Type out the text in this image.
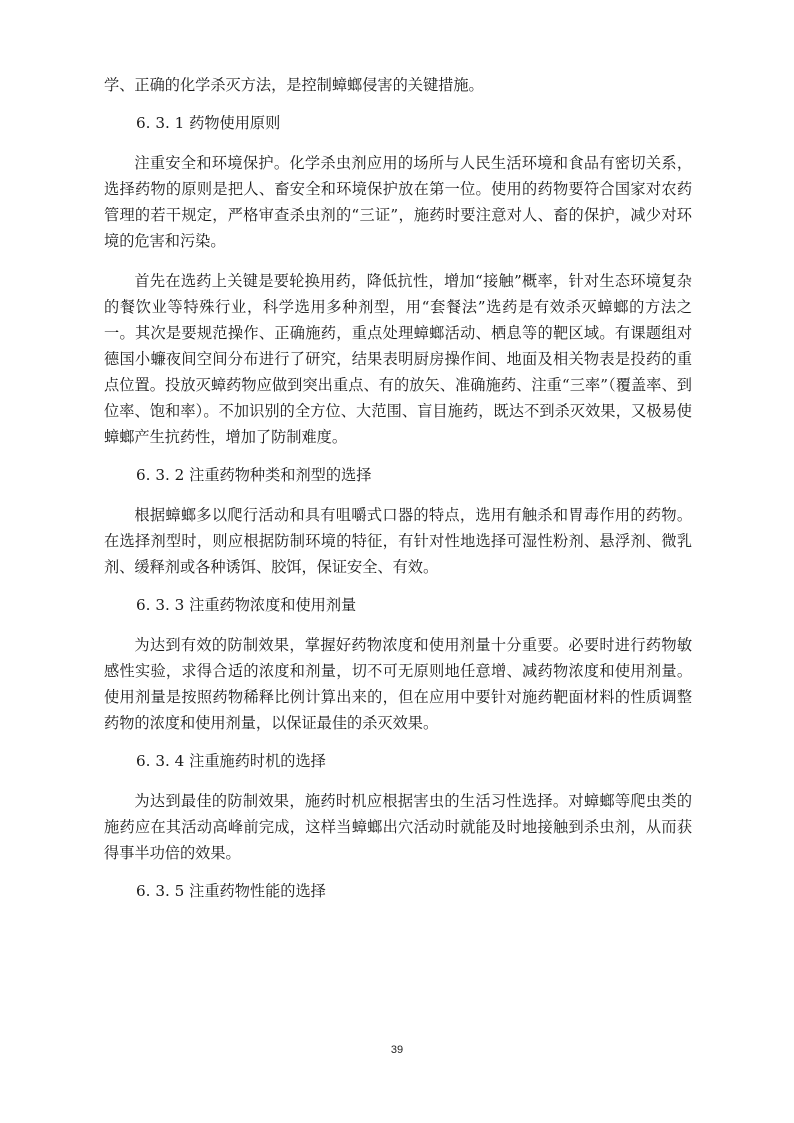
学、正确的化学杀灭方法，是控制蟑螂侵害的关键措施。

6. 3. 1 药物使用原则

注重安全和环境保护。化学杀虫剂应用的场所与人民生活环境和食品有密切关系，选择药物的原则是把人、畜安全和环境保护放在第一位。使用的药物要符合国家对农药管理的若干规定，严格审查杀虫剂的“三证”，施药时要注意对人、畜的保护，减少对环境的危害和污染。

首先在选药上关键是要轮换用药，降低抗性，增加“接触”概率，针对生态环境复杂的餐饮业等特殊行业，科学选用多种剂型，用“套餐法”选药是有效杀灭蟑螂的方法之一。其次是要规范操作、正确施药，重点处理蟑螂活动、栖息等的靶区域。有课题组对德国小蠊夜间空间分布进行了研究，结果表明厨房操作间、地面及相关物表是投药的重点位置。投放灭蟑药物应做到突出重点、有的放矢、准确施药、注重“三率”（覆盖率、到位率、饱和率）。不加识别的全方位、大范围、盲目施药，既达不到杀灭效果，又极易使蟑螂产生抗药性，增加了防制难度。

6. 3. 2 注重药物种类和剂型的选择

根据蟑螂多以爬行活动和具有咀嚼式口器的特点，选用有触杀和胃毒作用的药物。在选择剂型时，则应根据防制环境的特征，有针对性地选择可湿性粉剂、悬浮剂、微乳剂、缓释剂或各种诱饵、胶饵，保证安全、有效。

6. 3. 3 注重药物浓度和使用剂量

为达到有效的防制效果，掌握好药物浓度和使用剂量十分重要。必要时进行药物敏感性实验，求得合适的浓度和剂量，切不可无原则地任意增、减药物浓度和使用剂量。使用剂量是按照药物稀释比例计算出来的，但在应用中要针对施药靶面材料的性质调整药物的浓度和使用剂量，以保证最佳的杀灭效果。

6. 3. 4 注重施药时机的选择

为达到最佳的防制效果，施药时机应根据害虫的生活习性选择。对蟑螂等爬虫类的施药应在其活动高峰前完成，这样当蟑螂出穴活动时就能及时地接触到杀虫剂，从而获得事半功倍的效果。

6. 3. 5 注重药物性能的选择

39
